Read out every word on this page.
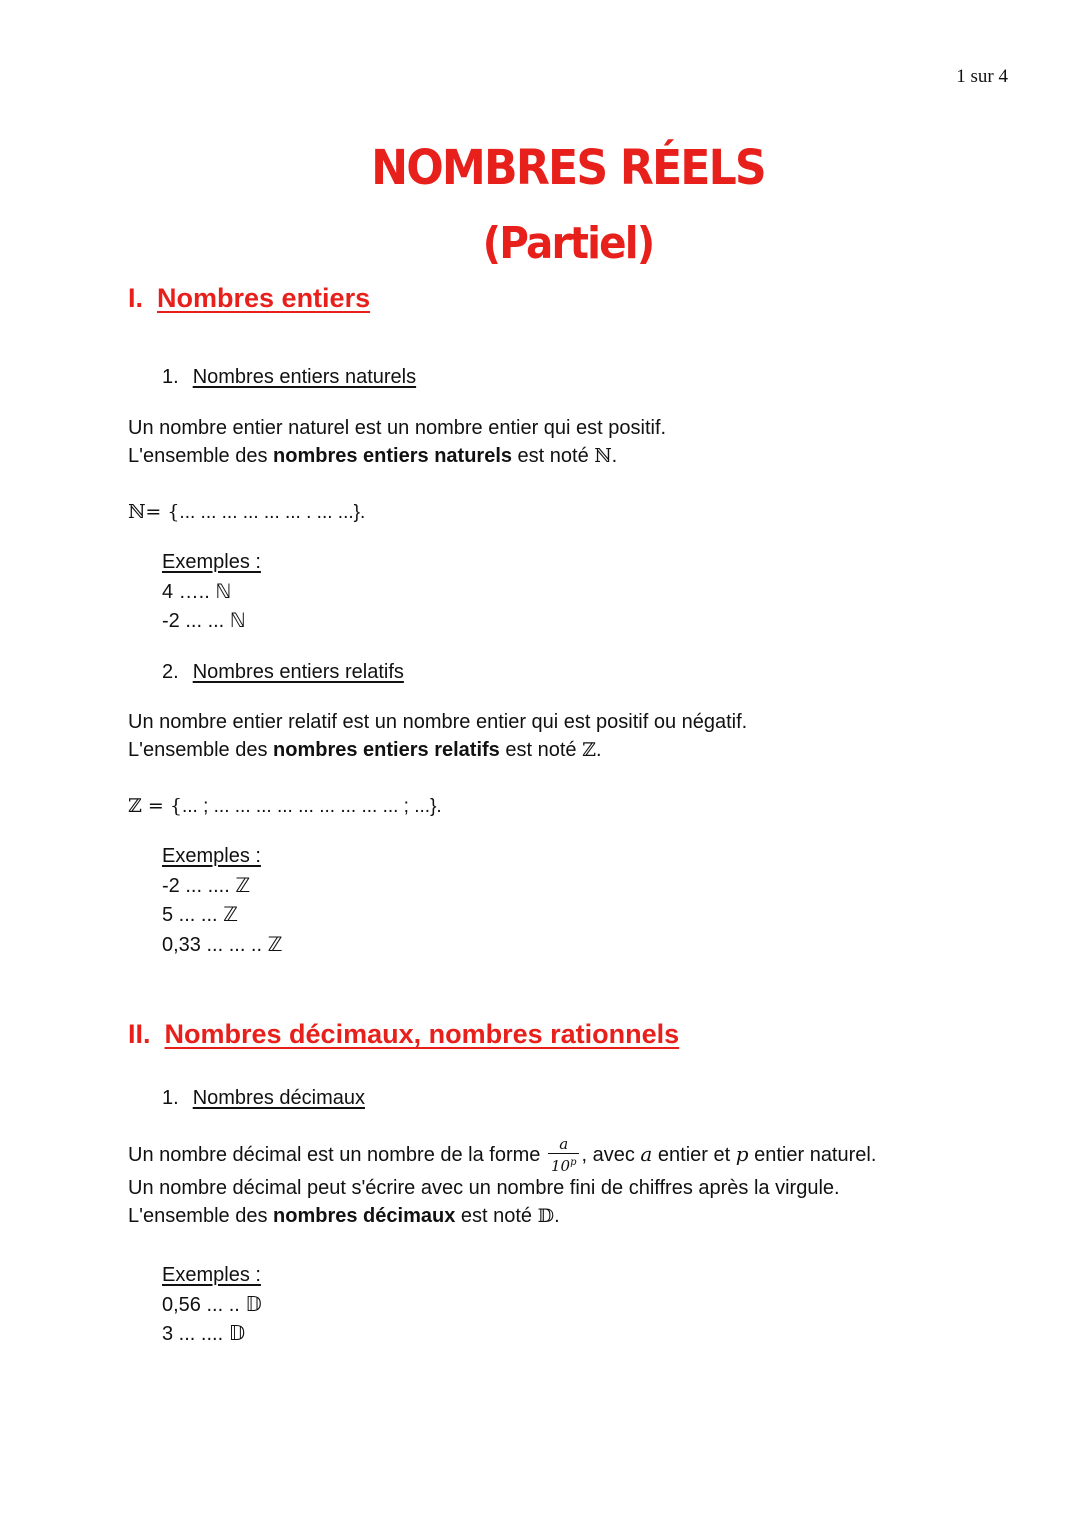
1 sur 4
NOMBRES RÉELS
(Partiel)
I. Nombres entiers
1. Nombres entiers naturels
Un nombre entier naturel est un nombre entier qui est positif.
L'ensemble des nombres entiers naturels est noté ℕ.
ℕ= {... ... ... ... ... ... . ... ...}.
Exemples :
4 ….. ℕ
-2 ... ... ℕ
2. Nombres entiers relatifs
Un nombre entier relatif est un nombre entier qui est positif ou négatif.
L'ensemble des nombres entiers relatifs est noté ℤ.
ℤ = {... ; ... ... ... ... ... ... ... ... ... ; ...}.
Exemples :
-2 ... .... ℤ
5 ... ... ℤ
0,33 ... ... .. ℤ
II. Nombres décimaux, nombres rationnels
1. Nombres décimaux
Un nombre décimal est un nombre de la forme $\frac{a}{10^p}$ , avec a entier et p entier naturel.
Un nombre décimal peut s'écrire avec un nombre fini de chiffres après la virgule.
L'ensemble des nombres décimaux est noté 𝔻.
Exemples :
0,56 ... .. 𝔻
3 ... .... 𝔻
